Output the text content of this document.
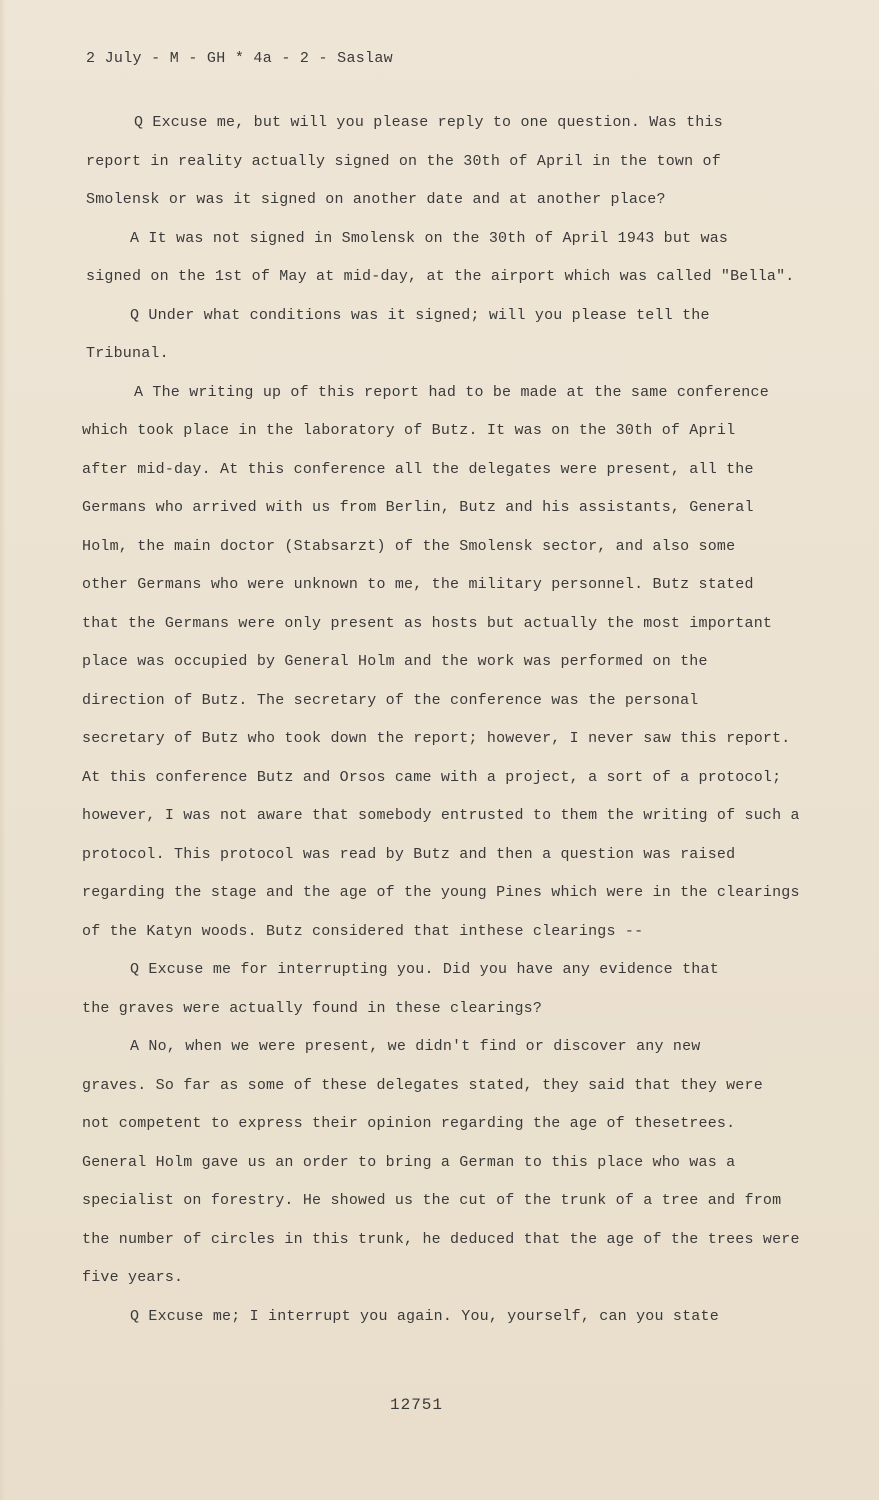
2 July - M - GH * 4a - 2 - Saslaw
Q Excuse me, but will you please reply to one question. Was this
report in reality actually signed on the 30th of April in the town of
Smolensk or was it signed on another date and at another place?
A It was not signed in Smolensk on the 30th of April 1943 but was
signed on the 1st of May at mid-day, at the airport which was called "Bella".
Q Under what conditions was it signed; will you please tell the
Tribunal.
A The writing up of this report had to be made at the same conference
which took place in the laboratory of Butz. It was on the 30th of April
after mid-day. At this conference all the delegates were present, all the
Germans who arrived with us from Berlin, Butz and his assistants, General
Holm, the main doctor (Stabsarzt) of the Smolensk sector, and also some
other Germans who were unknown to me, the military personnel. Butz stated
that the Germans were only present as hosts but actually the most important
place was occupied by General Holm and the work was performed on the
direction of Butz. The secretary of the conference was the personal
secretary of Butz who took down the report; however, I never saw this report.
At this conference Butz and Orsos came with a project, a sort of a protocol;
however, I was not aware that somebody entrusted to them the writing of such a
protocol. This protocol was read by Butz and then a question was raised
regarding the stage and the age of the young Pines which were in the clearings
of the Katyn woods. Butz considered that inthese clearings --
Q Excuse me for interrupting you. Did you have any evidence that
the graves were actually found in these clearings?
A No, when we were present, we didn't find or discover any new
graves. So far as some of these delegates stated, they said that they were
not competent to express their opinion regarding the age of thesetrees.
General Holm gave us an order to bring a German to this place who was a
specialist on forestry. He showed us the cut of the trunk of a tree and from
the number of circles in this trunk, he deduced that the age of the trees were
five years.
Q Excuse me; I interrupt you again. You, yourself, can you state
12751
